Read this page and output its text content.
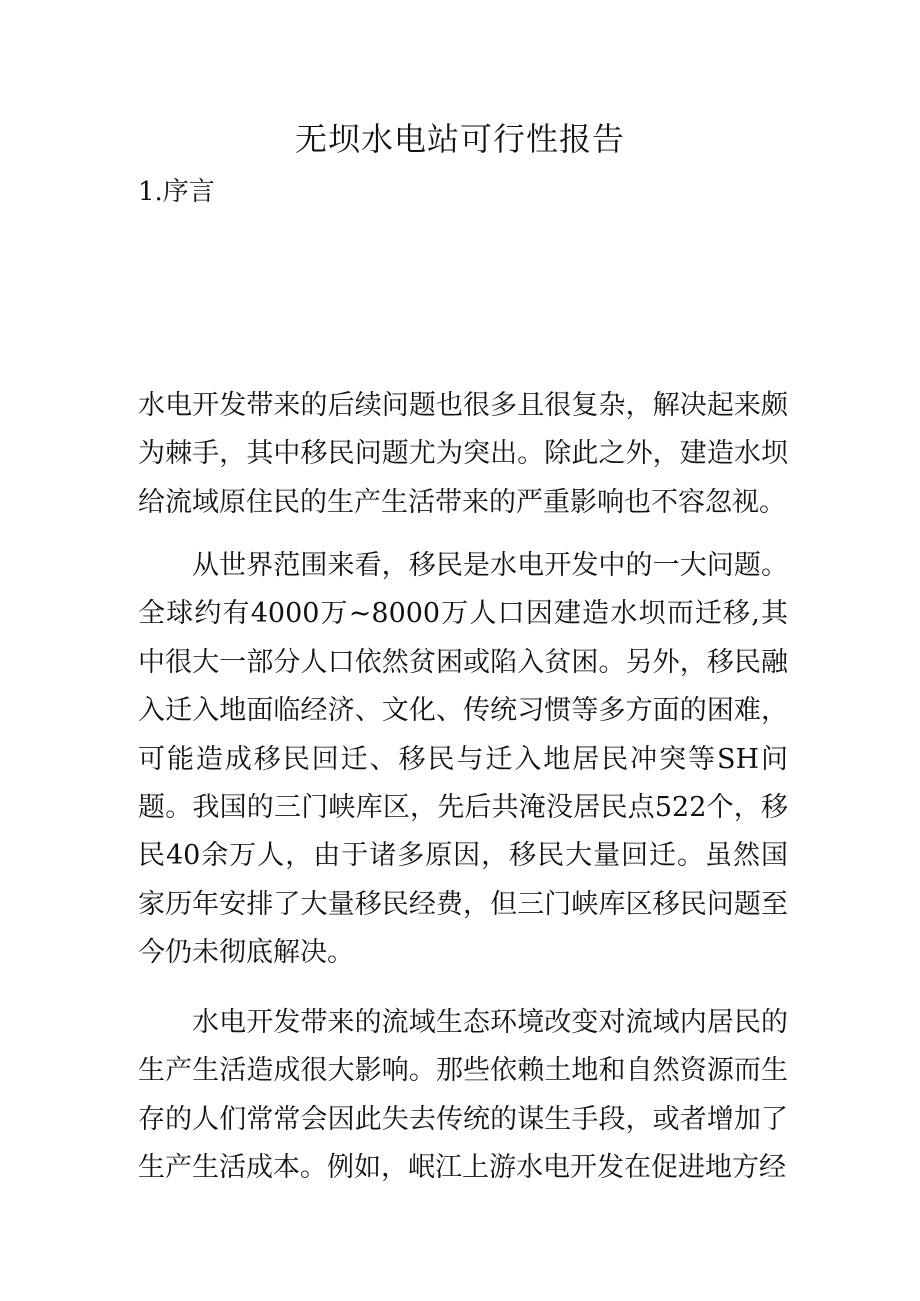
无坝水电站可行性报告
1.序言

水电开发带来的后续问题也很多且很复杂，解决起来颇为棘手，其中移民问题尤为突出。除此之外，建造水坝给流域原住民的生产生活带来的严重影响也不容忽视。

从世界范围来看，移民是水电开发中的一大问题。全球约有4000万~8000万人口因建造水坝而迁移,其中很大一部分人口依然贫困或陷入贫困。另外，移民融入迁入地面临经济、文化、传统习惯等多方面的困难，可能造成移民回迁、移民与迁入地居民冲突等SH问题。我国的三门峡库区，先后共淹没居民点522个，移民40余万人，由于诸多原因，移民大量回迁。虽然国家历年安排了大量移民经费，但三门峡库区移民问题至今仍未彻底解决。

水电开发带来的流域生态环境改变对流域内居民的生产生活造成很大影响。那些依赖土地和自然资源而生存的人们常常会因此失去传统的谋生手段，或者增加了生产生活成本。例如，岷江上游水电开发在促进地方经
